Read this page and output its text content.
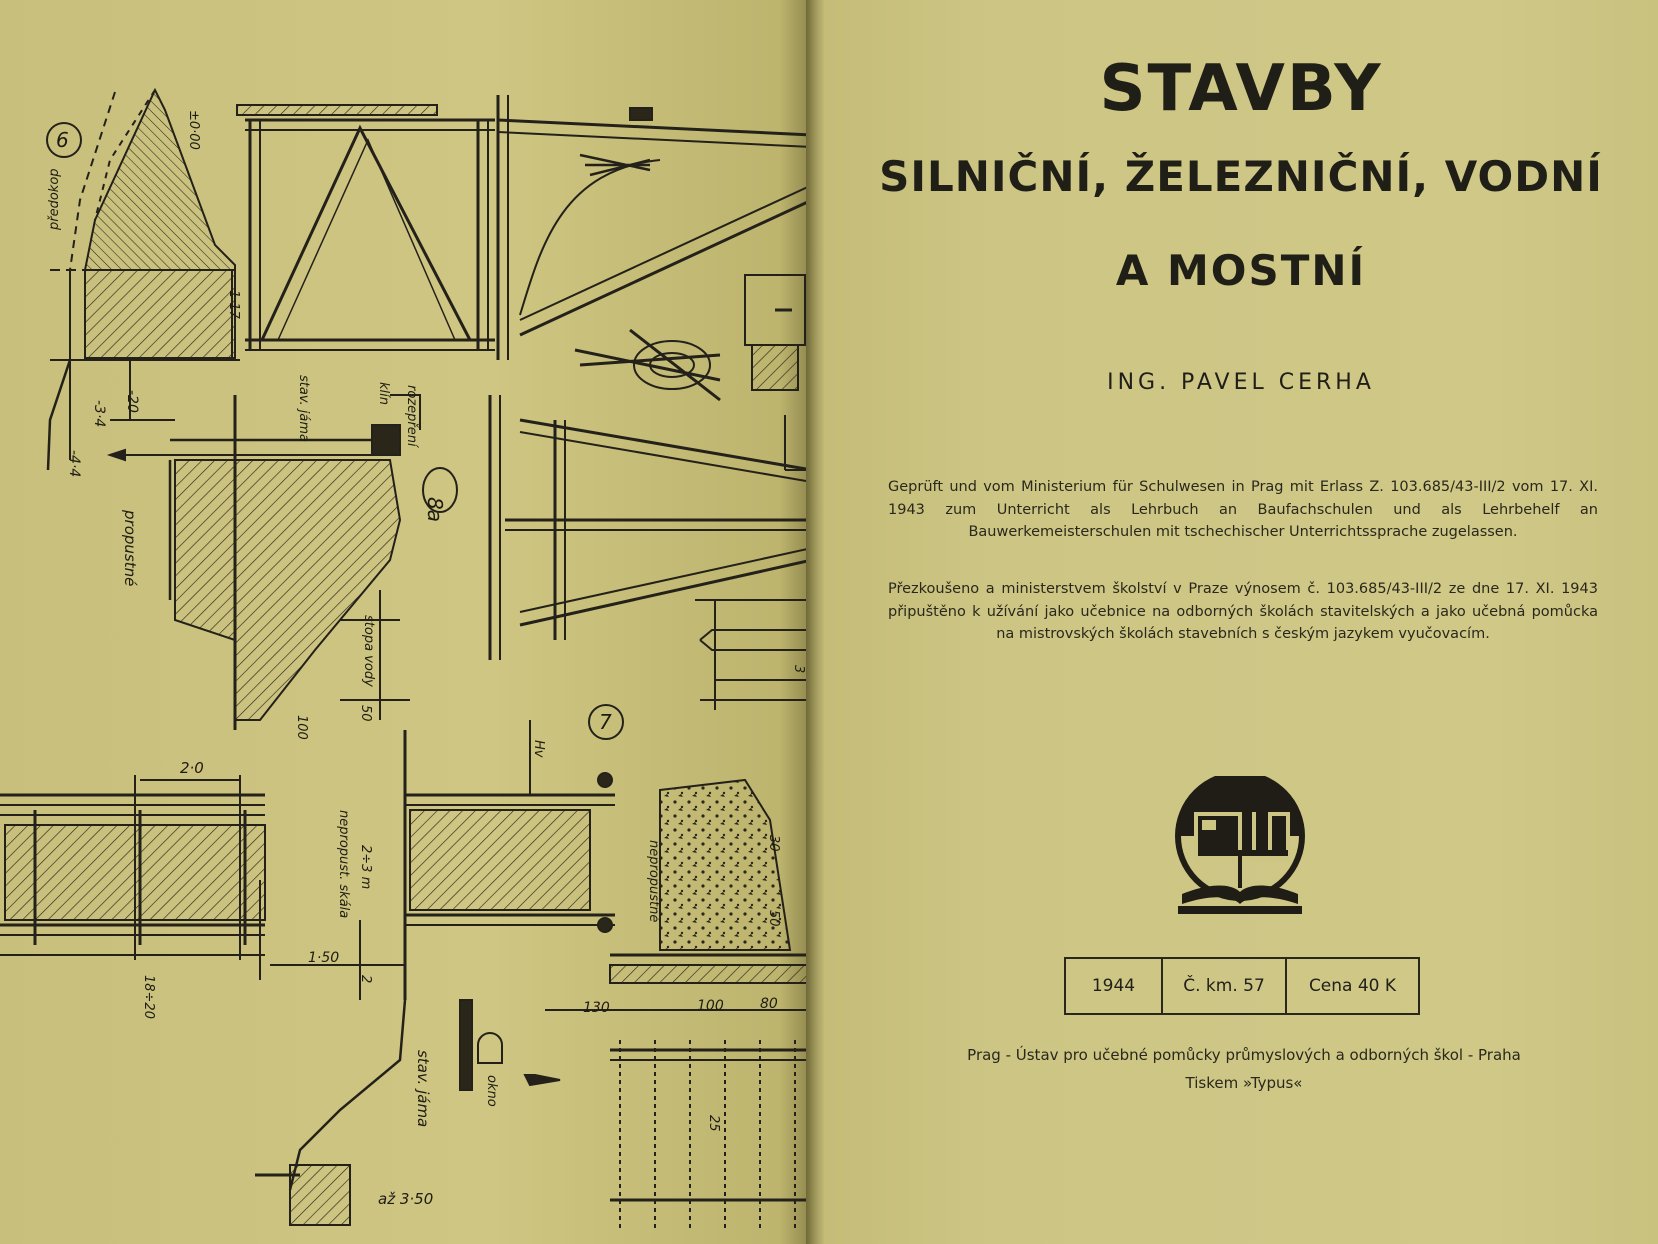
6	±0·00
předokop
1·17
-20
-3·4
-4·4
propustné
stav. jáma	klín rozepření
8a
stopa vody
50
100	7
Hv
2·0
nepropust. skála 2÷3 m	nepropustné	30
50
3
1·50
2
18÷20	130	100	80
okno
stav. jáma	25
až 3·50
STAVBY
SILNIČNÍ, ŽELEZNIČNÍ, VODNÍ
A MOSTNÍ

ING. PAVEL CERHA

Geprüft und vom Ministerium für Schulwesen in Prag mit Erlass Z. 103.685/43-III/2 vom 17. XI. 1943 zum Unterricht als Lehrbuch an Baufachschulen und als Lehrbehelf an Bauwerkemeisterschulen mit tschechischer Unterrichtssprache zugelassen.

Přezkoušeno a ministerstvem školství v Praze výnosem č. 103.685/43-III/2 ze dne 17. XI. 1943 připuštěno k užívání jako učebnice na odborných školách stavitelských a jako učebná pomůcka na mistrovských školách stavebních s českým jazykem vyučovacím.

1944	Č. km. 57	Cena 40 K

Prag - Ústav pro učebné pomůcky průmyslových a odborných škol - Praha

Tiskem »Typus«
